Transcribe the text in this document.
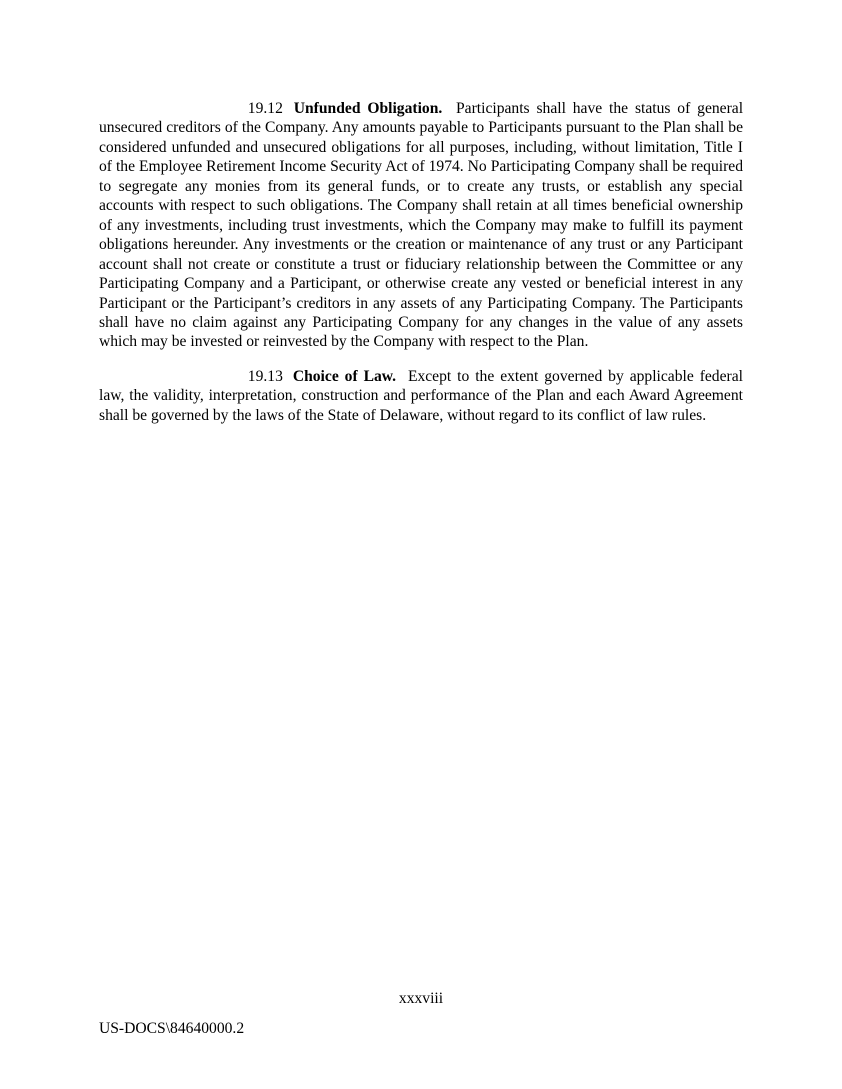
19.12 Unfunded Obligation. Participants shall have the status of general unsecured creditors of the Company. Any amounts payable to Participants pursuant to the Plan shall be considered unfunded and unsecured obligations for all purposes, including, without limitation, Title I of the Employee Retirement Income Security Act of 1974. No Participating Company shall be required to segregate any monies from its general funds, or to create any trusts, or establish any special accounts with respect to such obligations. The Company shall retain at all times beneficial ownership of any investments, including trust investments, which the Company may make to fulfill its payment obligations hereunder. Any investments or the creation or maintenance of any trust or any Participant account shall not create or constitute a trust or fiduciary relationship between the Committee or any Participating Company and a Participant, or otherwise create any vested or beneficial interest in any Participant or the Participant’s creditors in any assets of any Participating Company. The Participants shall have no claim against any Participating Company for any changes in the value of any assets which may be invested or reinvested by the Company with respect to the Plan.

19.13 Choice of Law. Except to the extent governed by applicable federal law, the validity, interpretation, construction and performance of the Plan and each Award Agreement shall be governed by the laws of the State of Delaware, without regard to its conflict of law rules.

xxxviii
US-DOCS\84640000.2
